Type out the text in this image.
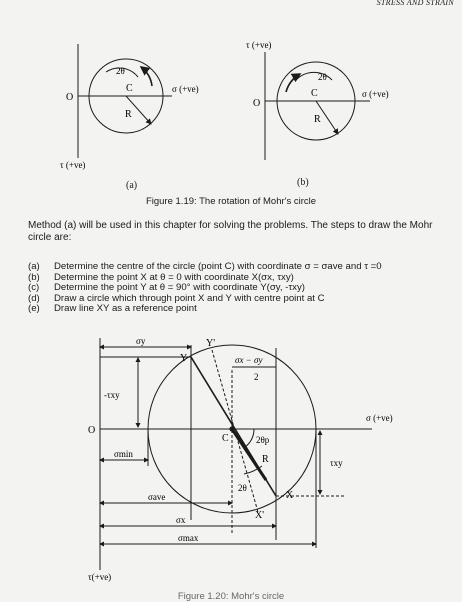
STRESS AND STRAIN
O
σ (+ve)
τ (+ve)
2θ
C
R
O
σ (+ve)
τ (+ve)
2θ
C
R
O
σ (+ve)
τ(+ve)
C
R
X
X'
Y
Y'
2θ
2θp
σy
-τxy
τxy
σmin
σave
σx
σmax
σx − σy
2
(a)	(b)
Figure 1.19: The rotation of Mohr's circle
Method (a) will be used in this chapter for solving the problems. The steps to draw the Mohr circle are:
(a)	Determine the centre of the circle (point C) with coordinate σ = σave and τ =0
(b)	Determine the point X at θ = 0 with coordinate X(σx, τxy)
(c)	Determine the point Y at θ = 90° with coordinate Y(σy, -τxy)
(d)	Draw a circle which through point X and Y with centre point at C
(e)	Draw line XY as a reference point
Figure 1.20: Mohr's circle
